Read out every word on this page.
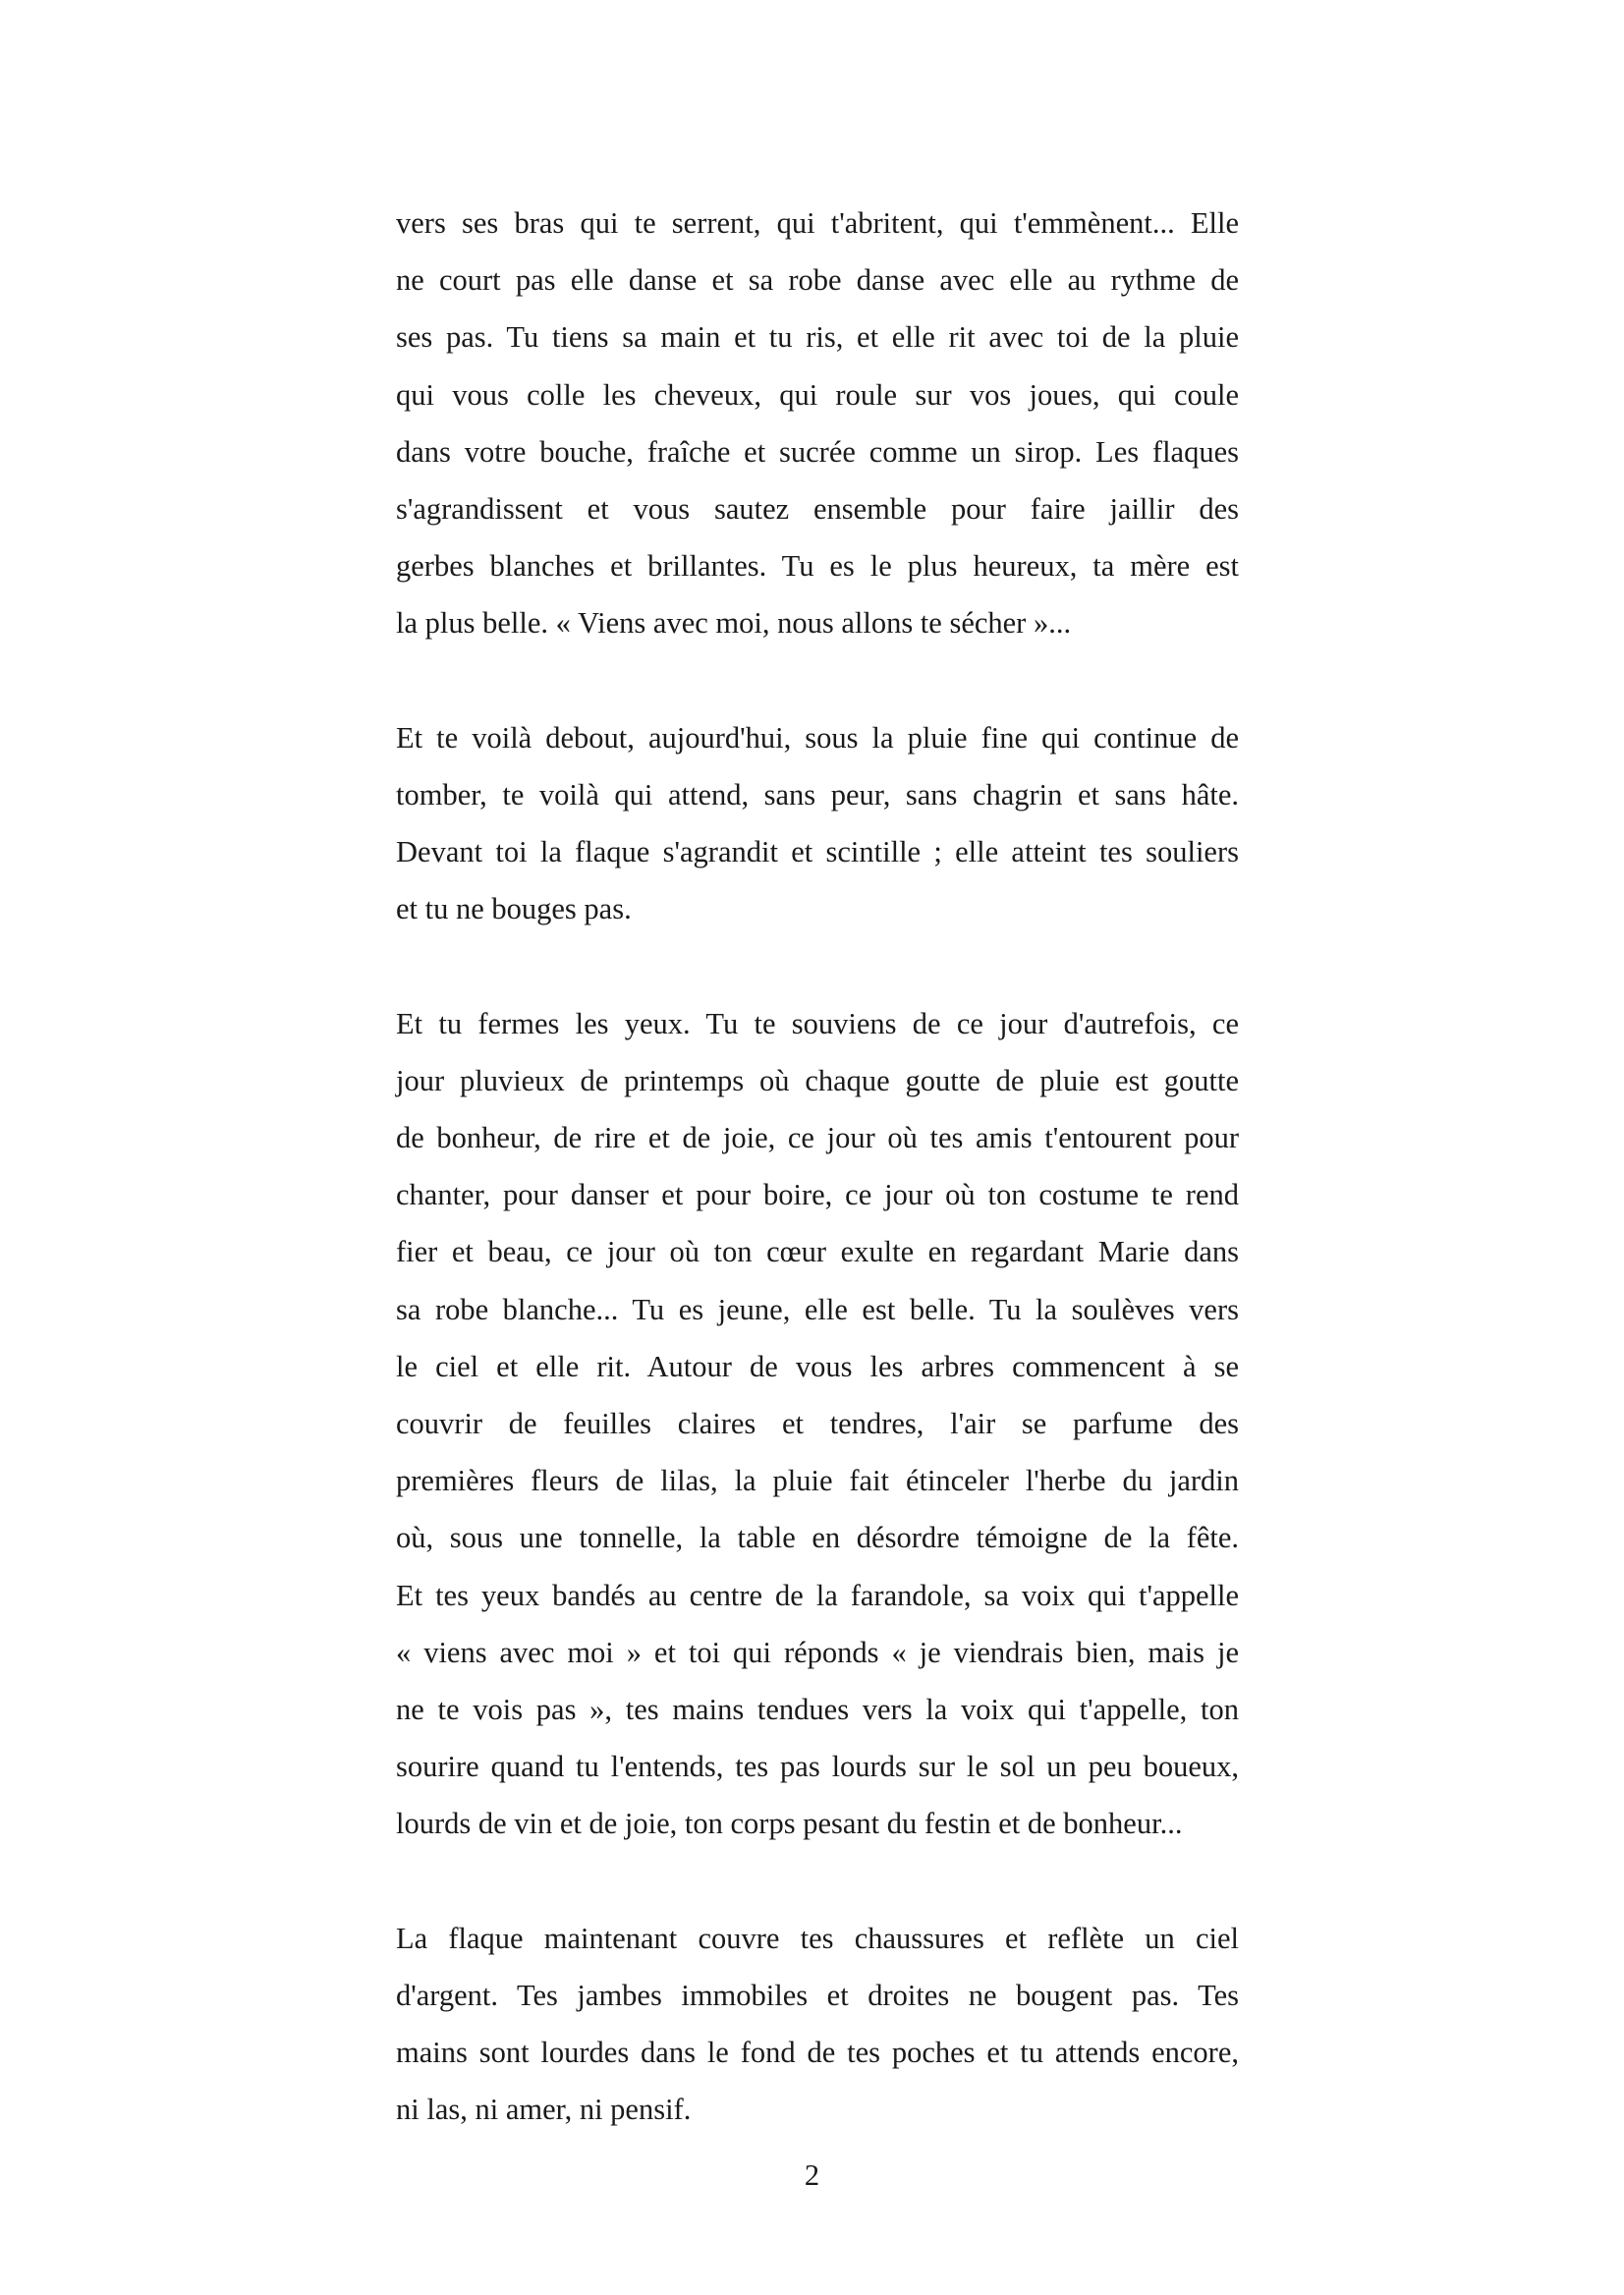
vers ses bras qui te serrent, qui t'abritent, qui t'emmènent... Elle
ne court pas elle danse et sa robe danse avec elle au rythme de
ses pas. Tu tiens sa main et tu ris, et elle rit avec toi de la pluie
qui vous colle les cheveux, qui roule sur vos joues, qui coule
dans votre bouche, fraîche et sucrée comme un sirop. Les flaques
s'agrandissent et vous sautez ensemble pour faire jaillir des
gerbes blanches et brillantes. Tu es le plus heureux, ta mère est
la plus belle. « Viens avec moi, nous allons te sécher »...
Et te voilà debout, aujourd'hui, sous la pluie fine qui continue de
tomber, te voilà qui attend, sans peur, sans chagrin et sans hâte.
Devant toi la flaque s'agrandit et scintille ; elle atteint tes souliers
et tu ne bouges pas.
Et tu fermes les yeux. Tu te souviens de ce jour d'autrefois, ce
jour pluvieux de printemps où chaque goutte de pluie est goutte
de bonheur, de rire et de joie, ce jour où tes amis t'entourent pour
chanter, pour danser et pour boire, ce jour où ton costume te rend
fier et beau, ce jour où ton cœur exulte en regardant Marie dans
sa robe blanche... Tu es jeune, elle est belle. Tu la soulèves vers
le ciel et elle rit. Autour de vous les arbres commencent à se
couvrir de feuilles claires et tendres, l'air se parfume des
premières fleurs de lilas, la pluie fait étinceler l'herbe du jardin
où, sous une tonnelle, la table en désordre témoigne de la fête.
Et tes yeux bandés au centre de la farandole, sa voix qui t'appelle
« viens avec moi » et toi qui réponds « je viendrais bien, mais je
ne te vois pas », tes mains tendues vers la voix qui t'appelle, ton
sourire quand tu l'entends, tes pas lourds sur le sol un peu boueux,
lourds de vin et de joie, ton corps pesant du festin et de bonheur...
La flaque maintenant couvre tes chaussures et reflète un ciel
d'argent. Tes jambes immobiles et droites ne bougent pas. Tes
mains sont lourdes dans le fond de tes poches et tu attends encore,
ni las, ni amer, ni pensif.
2
